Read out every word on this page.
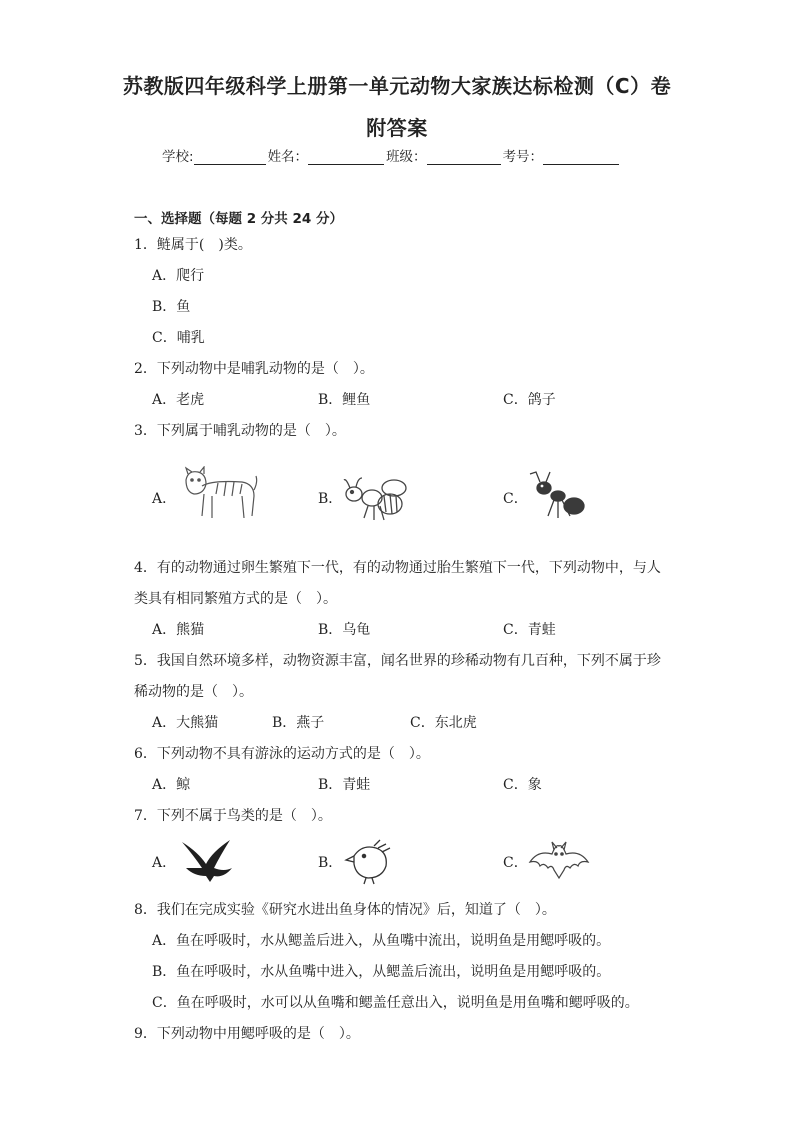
苏教版四年级科学上册第一单元动物大家族达标检测（C）卷
附答案
学校:	姓名：	班级：	考号：
一、选择题（每题 2 分共 24 分）
1．鲢属于(　)类。
A．爬行
B．鱼
C．哺乳
2．下列动物中是哺乳动物的是（　）。
A．老虎	B．鲤鱼	C．鸽子
3．下列属于哺乳动物的是（　）。
A．	B．	C．
4．有的动物通过卵生繁殖下一代，有的动物通过胎生繁殖下一代，下列动物中，与人
类具有相同繁殖方式的是（　）。
A．熊猫	B．乌龟	C．青蛙
5．我国自然环境多样，动物资源丰富，闻名世界的珍稀动物有几百种，下列不属于珍
稀动物的是（　）。
A．大熊猫	B．燕子	C．东北虎
6．下列动物不具有游泳的运动方式的是（　）。
A．鲸	B．青蛙	C．象
7．下列不属于鸟类的是（　）。
A．	B．	C．
8．我们在完成实验《研究水进出鱼身体的情况》后，知道了（　）。
A．鱼在呼吸时，水从鳃盖后进入，从鱼嘴中流出，说明鱼是用鳃呼吸的。
B．鱼在呼吸时，水从鱼嘴中进入，从鳃盖后流出，说明鱼是用鳃呼吸的。
C．鱼在呼吸时，水可以从鱼嘴和鳃盖任意出入，说明鱼是用鱼嘴和鳃呼吸的。
9．下列动物中用鳃呼吸的是（　）。
